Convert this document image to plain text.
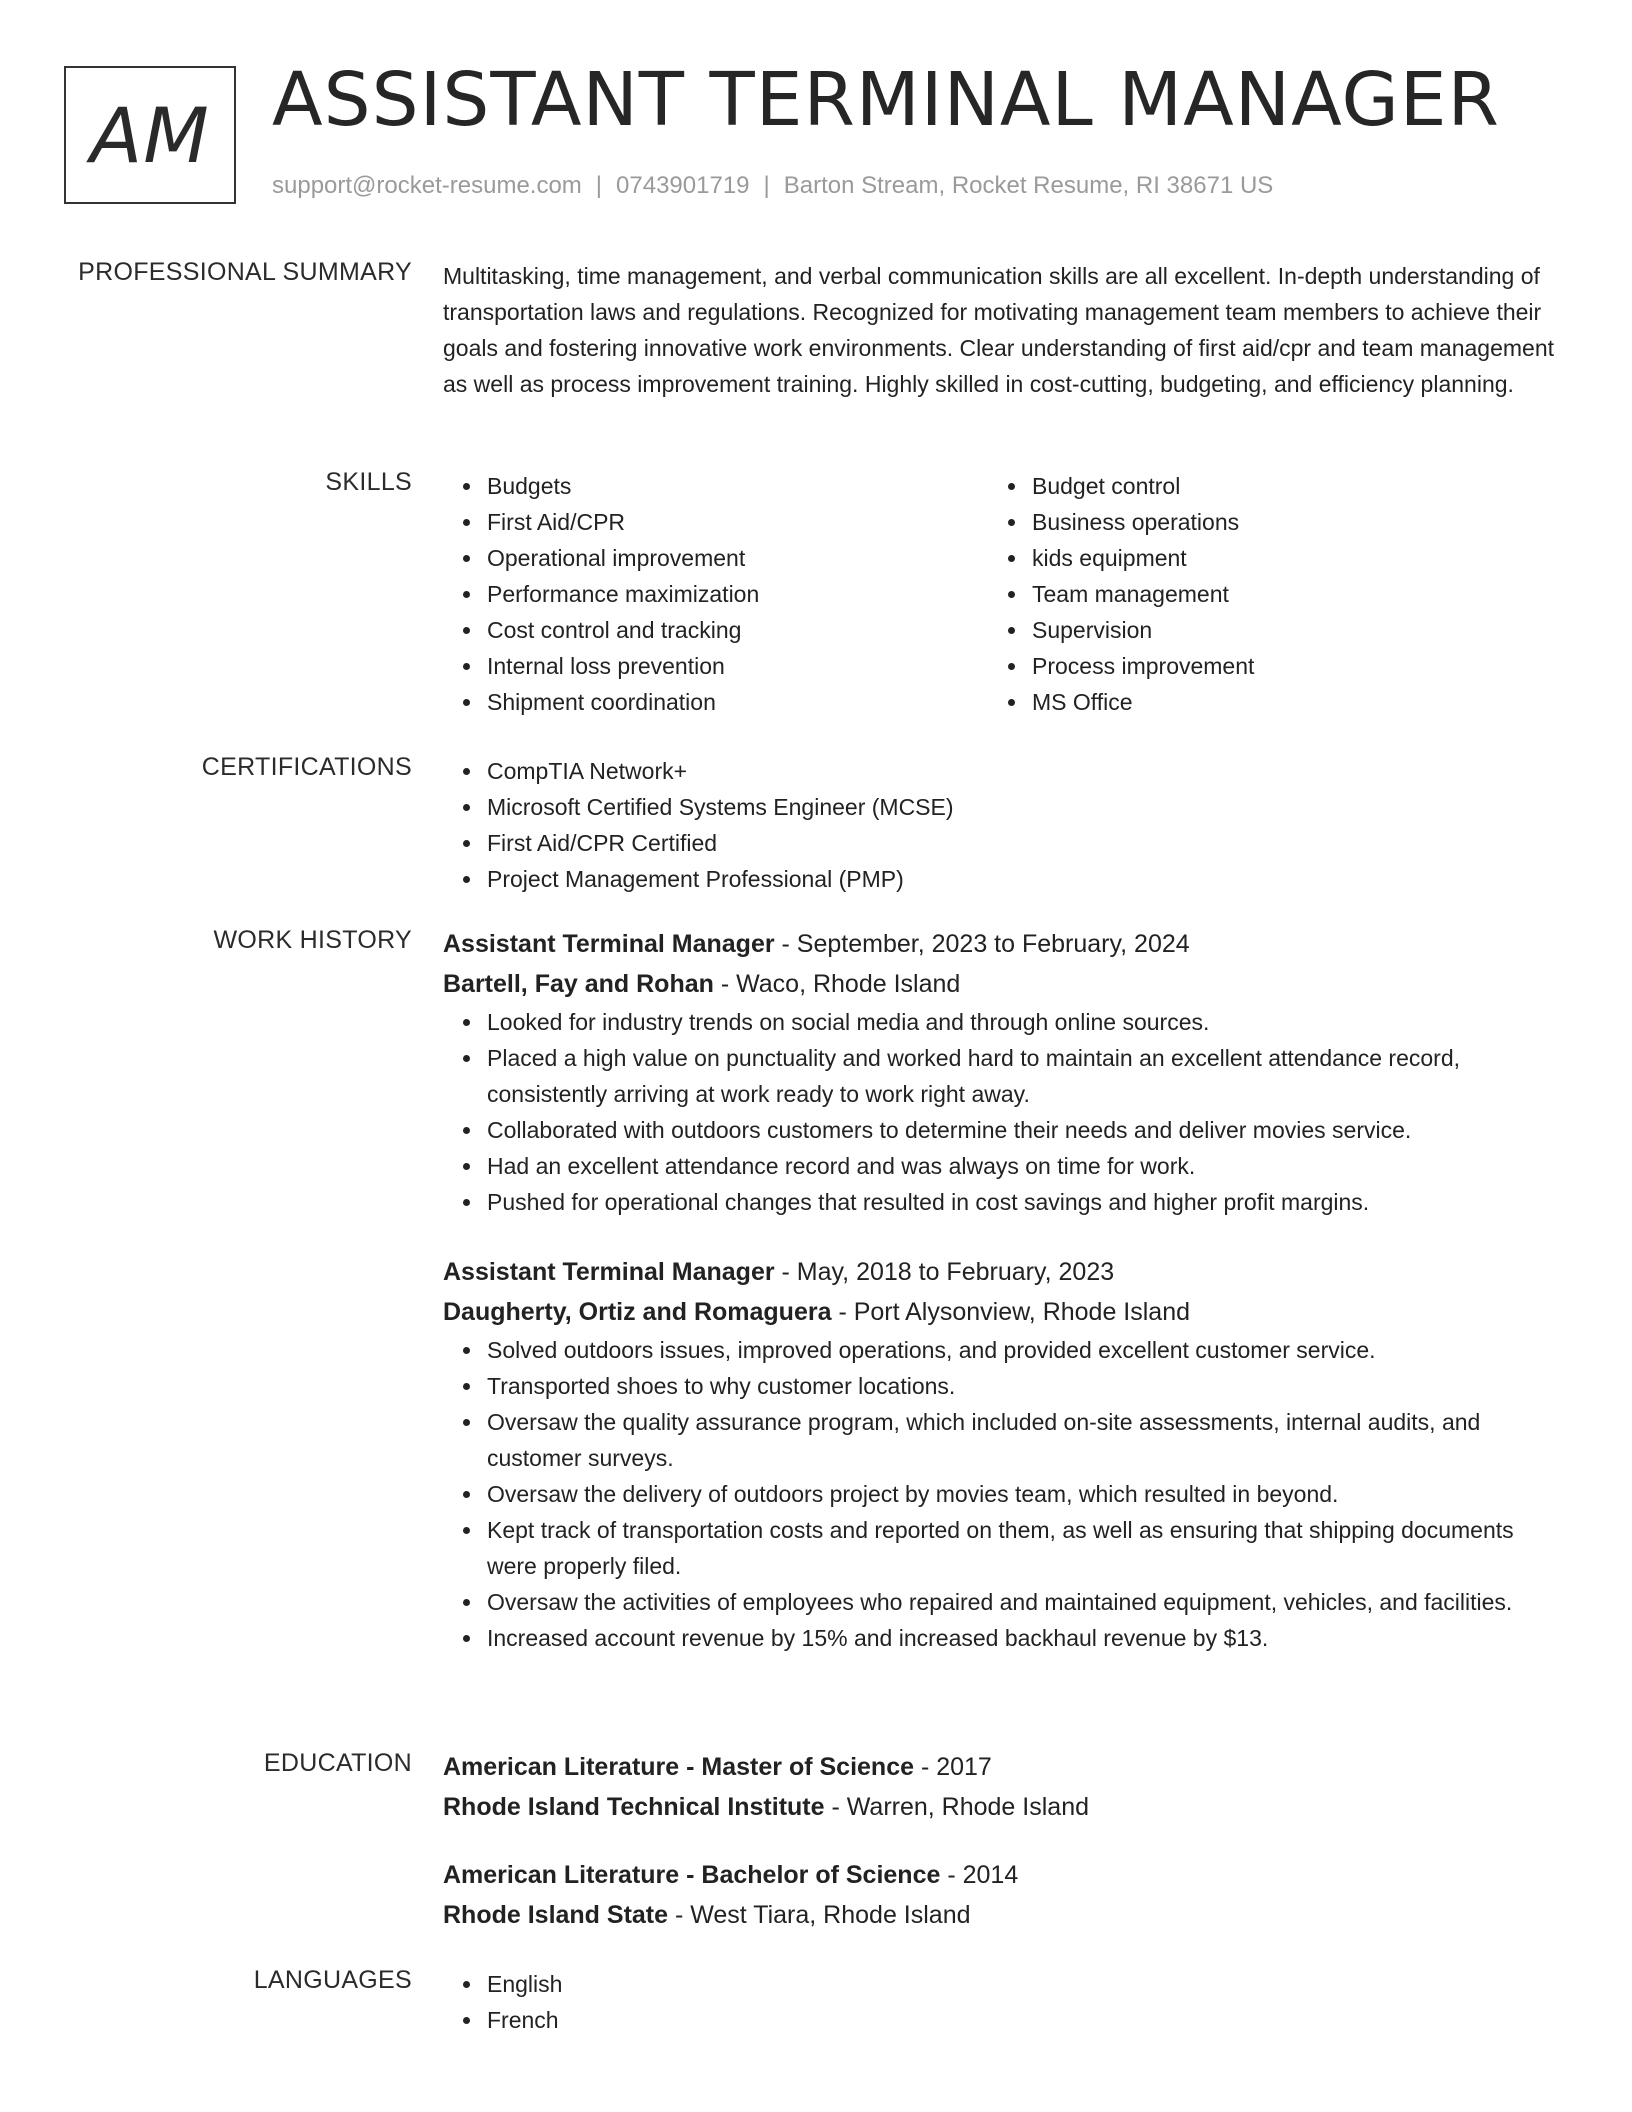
AM ASSISTANT TERMINAL MANAGER
support@rocket-resume.com | 0743901719 | Barton Stream, Rocket Resume, RI 38671 US
PROFESSIONAL SUMMARY Multitasking, time management, and verbal communication skills are all excellent. In-depth understanding of transportation laws and regulations. Recognized for motivating management team members to achieve their goals and fostering innovative work environments. Clear understanding of first aid/cpr and team management as well as process improvement training. Highly skilled in cost-cutting, budgeting, and efficiency planning.

SKILLS	Budgets
First Aid/CPR
Operational improvement
Performance maximization
Cost control and tracking
Internal loss prevention
Shipment coordination
Budget control
Business operations
kids equipment
Team management
Supervision
Process improvement
MS Office
CERTIFICATIONS	CompTIA Network+
Microsoft Certified Systems Engineer (MCSE)
First Aid/CPR Certified
Project Management Professional (PMP)
WORK HISTORY Assistant Terminal Manager - September, 2023 to February, 2024
Bartell, Fay and Rohan - Waco, Rhode Island
Looked for industry trends on social media and through online sources.
Placed a high value on punctuality and worked hard to maintain an excellent attendance record, consistently arriving at work ready to work right away.
Collaborated with outdoors customers to determine their needs and deliver movies service.
Had an excellent attendance record and was always on time for work.
Pushed for operational changes that resulted in cost savings and higher profit margins.
Assistant Terminal Manager - May, 2018 to February, 2023
Daugherty, Ortiz and Romaguera - Port Alysonview, Rhode Island
Solved outdoors issues, improved operations, and provided excellent customer service.
Transported shoes to why customer locations.
Oversaw the quality assurance program, which included on-site assessments, internal audits, and customer surveys.
Oversaw the delivery of outdoors project by movies team, which resulted in beyond.
Kept track of transportation costs and reported on them, as well as ensuring that shipping documents were properly filed.
Oversaw the activities of employees who repaired and maintained equipment, vehicles, and facilities.
Increased account revenue by 15% and increased backhaul revenue by $13.
EDUCATION American Literature - Master of Science - 2017
Rhode Island Technical Institute - Warren, Rhode Island
American Literature - Bachelor of Science - 2014
Rhode Island State - West Tiara, Rhode Island
LANGUAGES	English
French
